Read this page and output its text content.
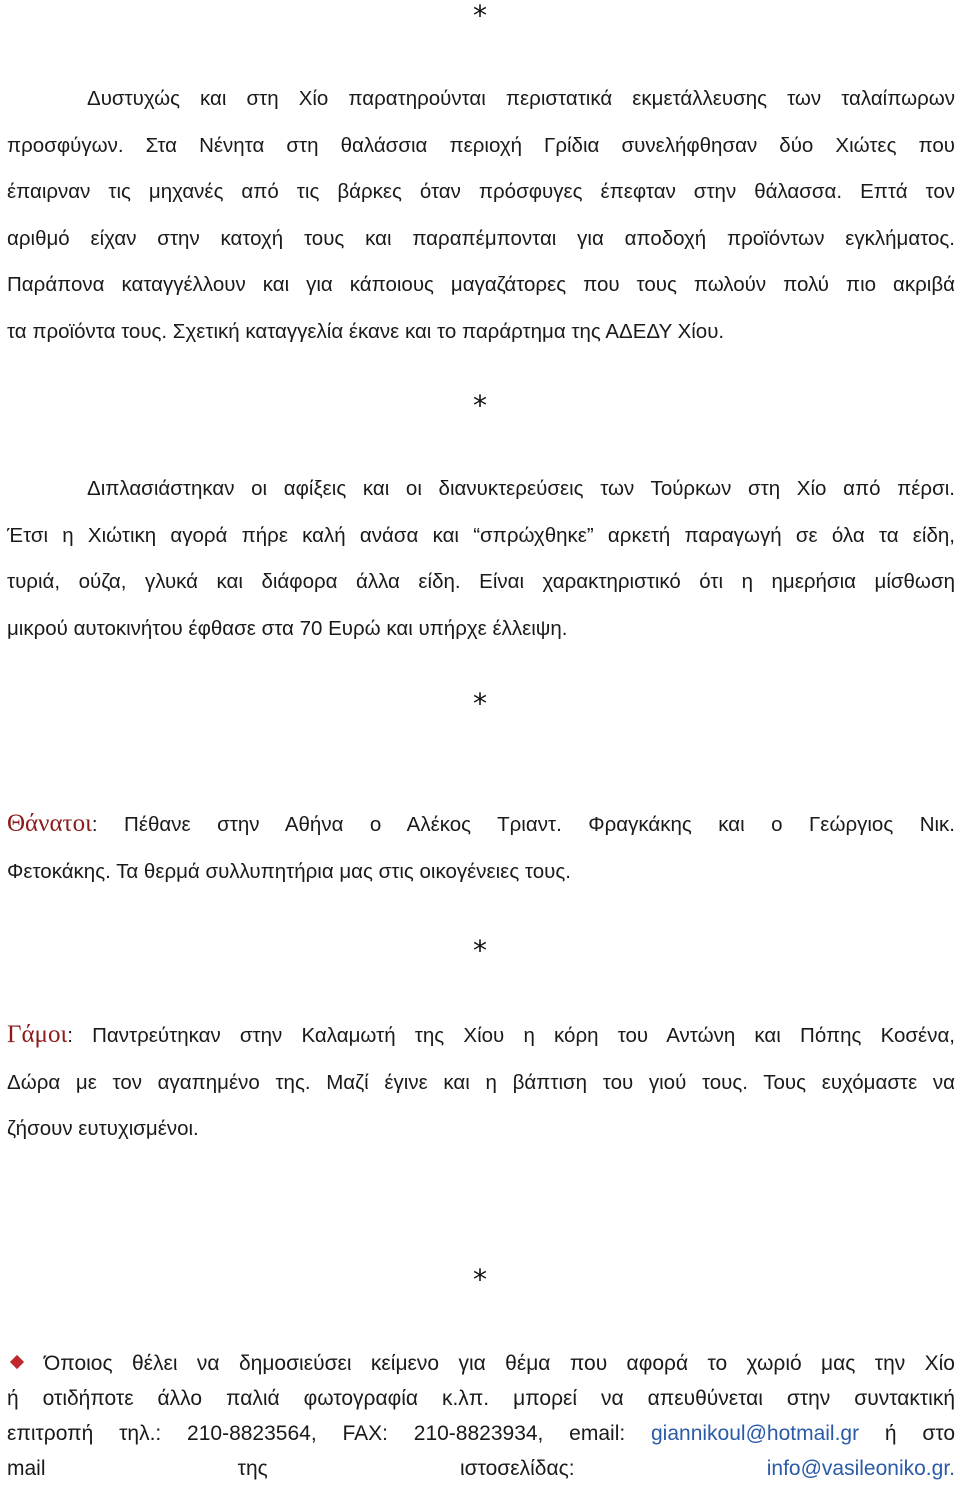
*
Δυστυχώς και στη Χίο παρατηρούνται περιστατικά εκμετάλλευσης των ταλαίπωρων
προσφύγων. Στα Νένητα στη θαλάσσια περιοχή Γρίδια συνελήφθησαν δύο Χιώτες που
έπαιρναν τις μηχανές από τις βάρκες όταν πρόσφυγες έπεφταν στην θάλασσα. Επτά τον
αριθμό είχαν στην κατοχή τους και παραπέμπονται για αποδοχή προϊόντων εγκλήματος.
Παράπονα καταγγέλλουν και για κάποιους μαγαζάτορες που τους πωλούν πολύ πιο ακριβά
τα προϊόντα τους. Σχετική καταγγελία έκανε και το παράρτημα της ΑΔΕΔΥ Χίου.
*
Διπλασιάστηκαν οι αφίξεις και οι διανυκτερεύσεις των Τούρκων στη Χίο από πέρσι.
Έτσι η Χιώτικη αγορά πήρε καλή ανάσα και “σπρώχθηκε” αρκετή παραγωγή σε όλα τα είδη,
τυριά, ούζα, γλυκά και διάφορα άλλα είδη. Είναι χαρακτηριστικό ότι η ημερήσια μίσθωση
μικρού αυτοκινήτου έφθασε στα 70 Ευρώ και υπήρχε έλλειψη.
*
Θάνατοι: Πέθανε στην Αθήνα ο Αλέκος Τριαντ. Φραγκάκης και ο Γεώργιος Νικ.
Φετοκάκης. Τα θερμά συλλυπητήρια μας στις οικογένειες τους.
*
Γάμοι: Παντρεύτηκαν στην Καλαμωτή της Χίου η κόρη του Αντώνη και Πόπης Κοσένα,
Δώρα με τον αγαπημένο της. Μαζί έγινε και η βάπτιση του γιού τους. Τους ευχόμαστε να
ζήσουν ευτυχισμένοι.
*
Όποιος θέλει να δημοσιεύσει κείμενο για θέμα που αφορά το χωριό μας την Χίο
ή οτιδήποτε άλλο παλιά φωτογραφία κ.λπ. μπορεί να απευθύνεται στην συντακτική
επιτροπή τηλ.: 210-8823564, FAX: 210-8823934, email: giannikoul@hotmail.gr ή στο
mail της ιστοσελίδας: info@vasileoniko.gr.
